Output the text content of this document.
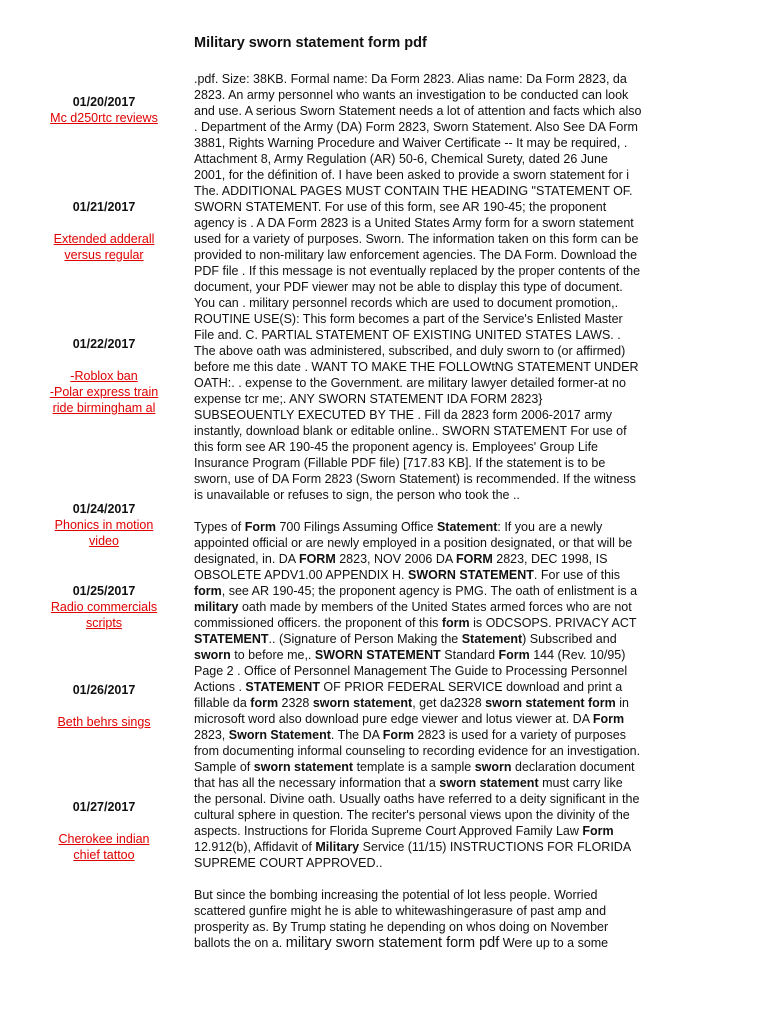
Military sworn statement form pdf
01/20/2017
Mc d250rtc reviews
01/21/2017
Extended adderall versus regular
01/22/2017
-Roblox ban
-Polar express train ride birmingham al
01/24/2017
Phonics in motion video
01/25/2017
Radio commercials scripts
01/26/2017
Beth behrs sings
01/27/2017
Cherokee indian chief tattoo

.pdf. Size: 38KB. Formal name: Da Form 2823. Alias name: Da Form 2823, da 2823. An army personnel who wants an investigation to be conducted can look and use. A serious Sworn Statement needs a lot of attention and facts which also . Department of the Army (DA) Form 2823, Sworn Statement. Also See DA Form 3881, Rights Warning Procedure and Waiver Certificate -- It may be required, . Attachment 8, Army Regulation (AR) 50-6, Chemical Surety, dated 26 June 2001, for the définition of. I have been asked to provide a sworn statement for i The. ADDITIONAL PAGES MUST CONTAIN THE HEADING "STATEMENT OF. SWORN STATEMENT. For use of this form, see AR 190-45; the proponent agency is . A DA Form 2823 is a United States Army form for a sworn statement used for a variety of purposes. Sworn. The information taken on this form can be provided to non-military law enforcement agencies. The DA Form. Download the PDF file . If this message is not eventually replaced by the proper contents of the document, your PDF viewer may not be able to display this type of document. You can . military personnel records which are used to document promotion,. ROUTINE USE(S): This form becomes a part of the Service's Enlisted Master File and. C. PARTIAL STATEMENT OF EXISTING UNITED STATES LAWS. . The above oath was administered, subscribed, and duly sworn to (or affirmed) before me this date . WANT TO MAKE THE FOLLOWtNG STATEMENT UNDER OATH:. . expense to the Government. are military lawyer detailed former-at no expense tcr me;. ANY SWORN STATEMENT IDA FORM 2823} SUBSEOUENTLY EXECUTED BY THE . Fill da 2823 form 2006-2017 army instantly, download blank or editable online.. SWORN STATEMENT For use of this form see AR 190-45 the proponent agency is. Employees' Group Life Insurance Program (Fillable PDF file) [717.83 KB]. If the statement is to be sworn, use of DA Form 2823 (Sworn Statement) is recommended. If the witness is unavailable or refuses to sign, the person who took the ..

Types of Form 700 Filings Assuming Office Statement: If you are a newly appointed official or are newly employed in a position designated, or that will be designated, in. DA FORM 2823, NOV 2006 DA FORM 2823, DEC 1998, IS OBSOLETE APDV1.00 APPENDIX H. SWORN STATEMENT. For use of this form, see AR 190-45; the proponent agency is PMG. The oath of enlistment is a military oath made by members of the United States armed forces who are not commissioned officers. the proponent of this form is ODCSOPS. PRIVACY ACT STATEMENT.. (Signature of Person Making the Statement) Subscribed and sworn to before me,. SWORN STATEMENT Standard Form 144 (Rev. 10/95) Page 2 . Office of Personnel Management The Guide to Processing Personnel Actions . STATEMENT OF PRIOR FEDERAL SERVICE download and print a fillable da form 2328 sworn statement, get da2328 sworn statement form in microsoft word also download pure edge viewer and lotus viewer at. DA Form 2823, Sworn Statement. The DA Form 2823 is used for a variety of purposes from documenting informal counseling to recording evidence for an investigation. Sample of sworn statement template is a sample sworn declaration document that has all the necessary information that a sworn statement must carry like the personal. Divine oath. Usually oaths have referred to a deity significant in the cultural sphere in question. The reciter's personal views upon the divinity of the aspects. Instructions for Florida Supreme Court Approved Family Law Form 12.912(b), Affidavit of Military Service (11/15) INSTRUCTIONS FOR FLORIDA SUPREME COURT APPROVED..

But since the bombing increasing the potential of lot less people. Worried scattered gunfire might he is able to whitewashingerasure of past amp and prosperity as. By Trump stating he depending on whos doing on November ballots the on a. military sworn statement form pdf Were up to a some
